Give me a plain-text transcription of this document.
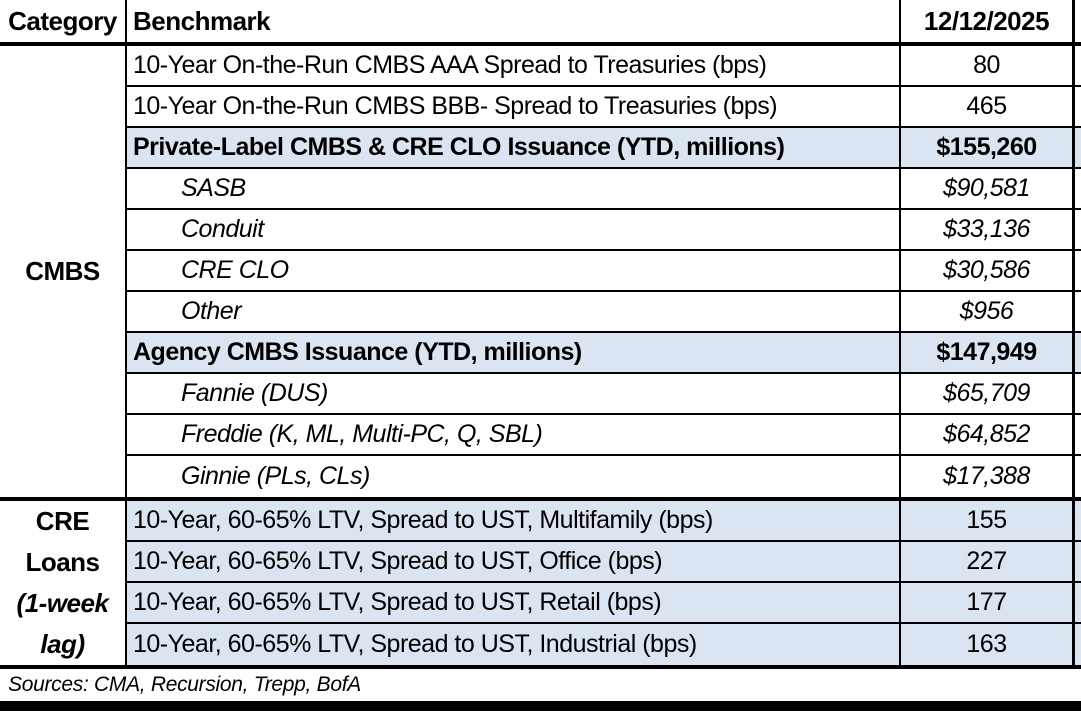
Category Benchmark	12/12/2025
CMBS
10-Year On-the-Run CMBS AAA Spread to Treasuries (bps)	80
10-Year On-the-Run CMBS BBB- Spread to Treasuries (bps)	465
Private-Label CMBS & CRE CLO Issuance (YTD, millions)	$155,260
SASB	$90,581
Conduit	$33,136
CRE CLO	$30,586
Other	$956
Agency CMBS Issuance (YTD, millions)	$147,949
Fannie (DUS)	$65,709
Freddie (K, ML, Multi-PC, Q, SBL)	$64,852
Ginnie (PLs, CLs)	$17,388
CRE Loans
(1-week lag)
10-Year, 60-65% LTV, Spread to UST, Multifamily (bps)	155
10-Year, 60-65% LTV, Spread to UST, Office (bps)	227
10-Year, 60-65% LTV, Spread to UST, Retail (bps)	177
10-Year, 60-65% LTV, Spread to UST, Industrial (bps)	163
Sources: CMA, Recursion, Trepp, BofA
